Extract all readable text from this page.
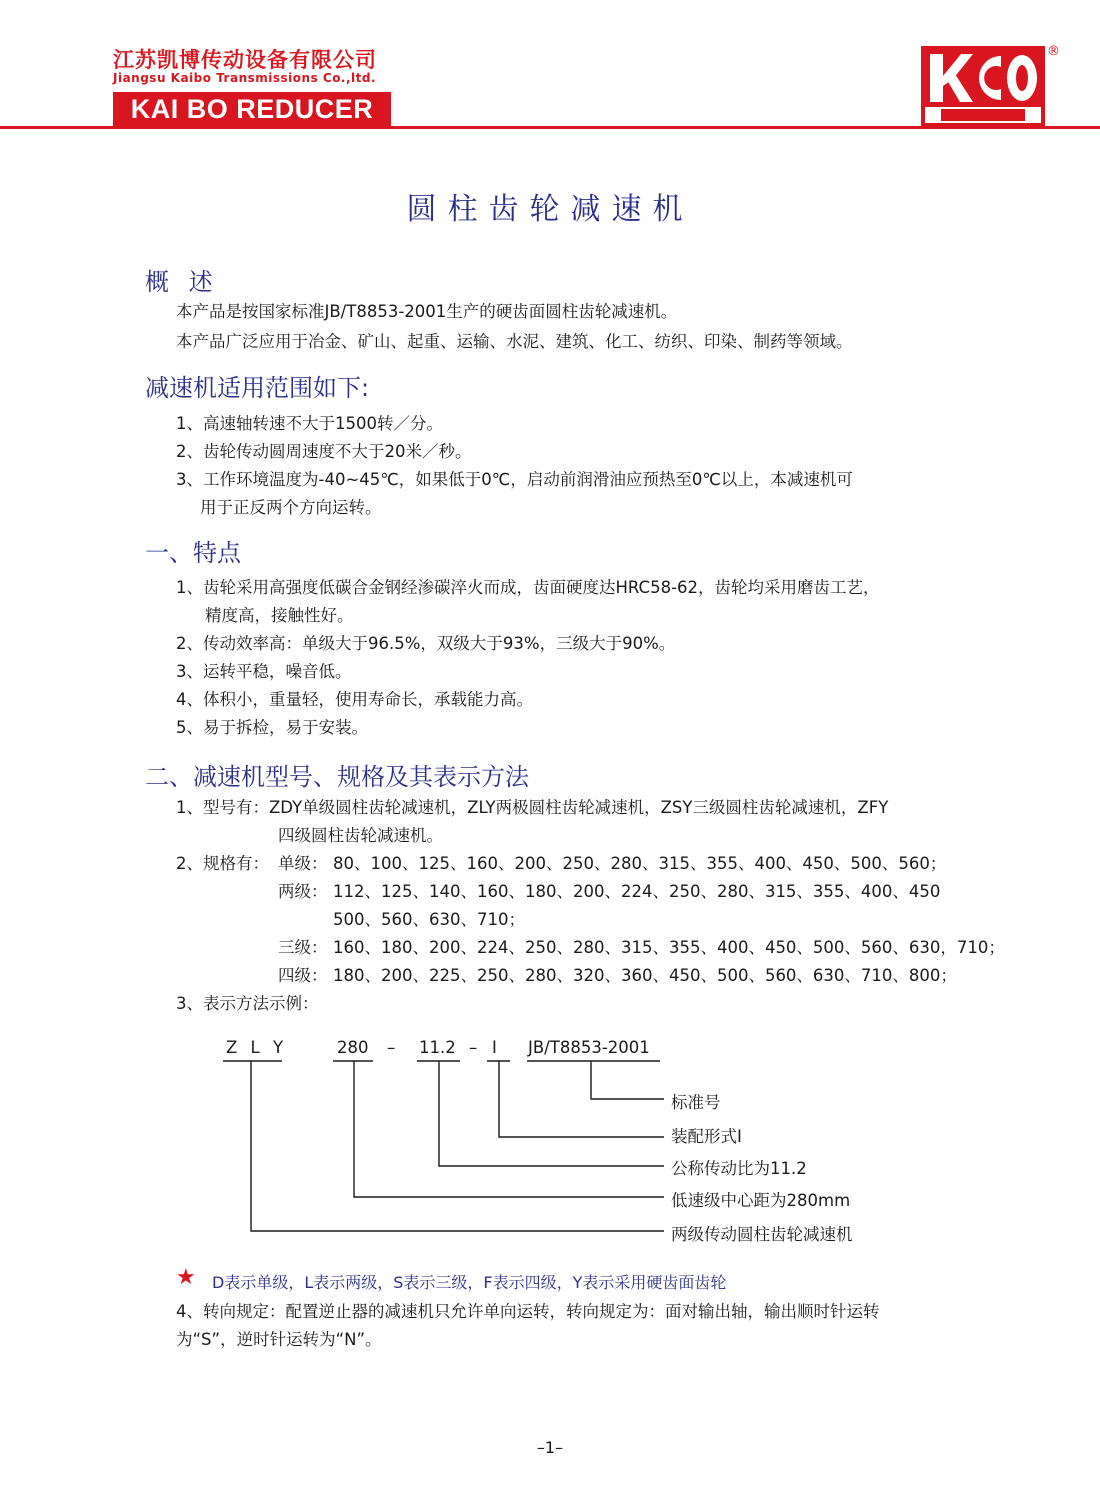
江苏凯博传动设备有限公司
Jiangsu Kaibo Transmissions Co.,ltd.
KAI BO REDUCER	开KAIBO博
®
圆柱齿轮减速机
概 述
本产品是按国家标准JB/T8853-2001生产的硬齿面圆柱齿轮减速机。
本产品广泛应用于冶金、矿山、起重、运输、水泥、建筑、化工、纺织、印染、制药等领域。
减速机适用范围如下:
1、高速轴转速不大于1500转／分。
2、齿轮传动圆周速度不大于20米／秒。
3、工作环境温度为-40~45℃，如果低于0℃，启动前润滑油应预热至0℃以上，本减速机可
用于正反两个方向运转。
一、特点
1、齿轮采用高强度低碳合金钢经渗碳淬火而成，齿面硬度达HRC58-62，齿轮均采用磨齿工艺，
精度高，接触性好。
2、传动效率高：单级大于96.5%，双级大于93%，三级大于90%。
3、运转平稳，噪音低。
4、体积小，重量轻，使用寿命长，承载能力高。
5、易于拆检，易于安装。
二、减速机型号、规格及其表示方法
1、型号有：ZDY单级圆柱齿轮减速机，ZLY两极圆柱齿轮减速机，ZSY三级圆柱齿轮减速机，ZFY
四级圆柱齿轮减速机。
2、规格有： 单级： 80、100、125、160、200、250、280、315、355、400、450、500、560；
两级： 112、125、140、160、180、200、224、250、280、315、355、400、450
500、560、630、710；
三级： 160、180、200、224、250、280、315、355、400、450、500、560、630，710；
四级： 180、200、225、250、280、320、360、450、500、560、630、710、800；
3、表示方法示例：
Z L Y	280 – 11.2 – I JB/T8853-2001
标准号
装配形式I
公称传动比为11.2
低速级中心距为280mm
两级传动圆柱齿轮减速机
★ D表示单级，L表示两级，S表示三级，F表示四级，Y表示采用硬齿面齿轮
4、转向规定：配置逆止器的减速机只允许单向运转，转向规定为：面对输出轴，输出顺时针运转
为“S”，逆时针运转为“N”。
–1–
